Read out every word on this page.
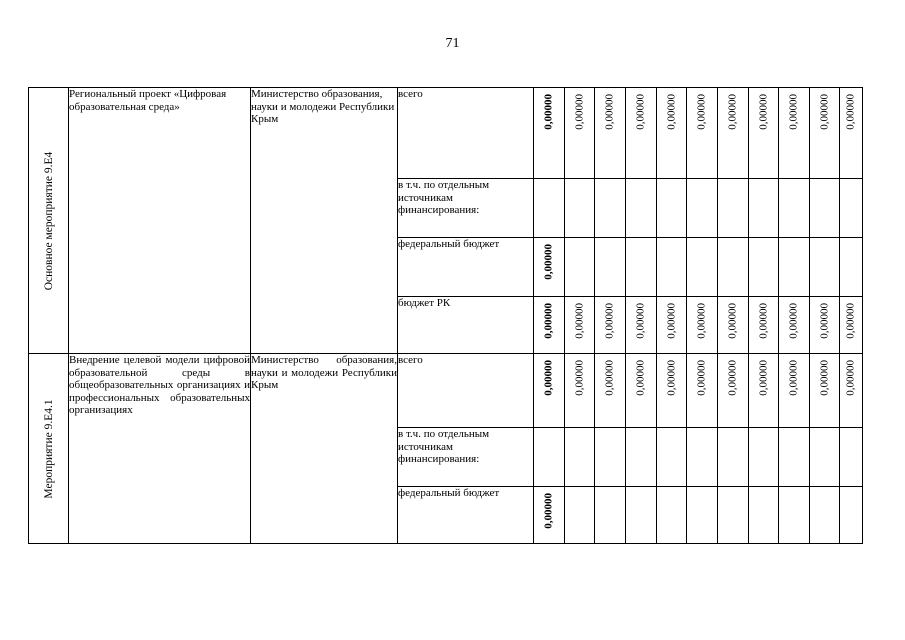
71
Основное мероприятие 9.Е4	Региональный проект «Цифровая образовательная среда»	Министерство образования, науки и молодежи Республики Крым	всего	0,00000	0,00000	0,00000	0,00000	0,00000	0,00000	0,00000	0,00000	0,00000	0,00000	0,00000

			в т.ч. по отдельным источникам финансирования:											
			федеральный бюджет	0,00000										

			бюджет РК	0,00000	0,00000	0,00000	0,00000	0,00000	0,00000	0,00000	0,00000	0,00000	0,00000	0,00000

Мероприятие 9.Е4.1	Внедрение целевой модели цифровой образовательной среды в общеобразовательных организациях и профессиональных образовательных организациях	Министерство образования, науки и молодежи Республики Крым	всего	0,00000	0,00000	0,00000	0,00000	0,00000	0,00000	0,00000	0,00000	0,00000	0,00000	0,00000

			в т.ч. по отдельным источникам финансирования:											
			федеральный бюджет	0,00000										
